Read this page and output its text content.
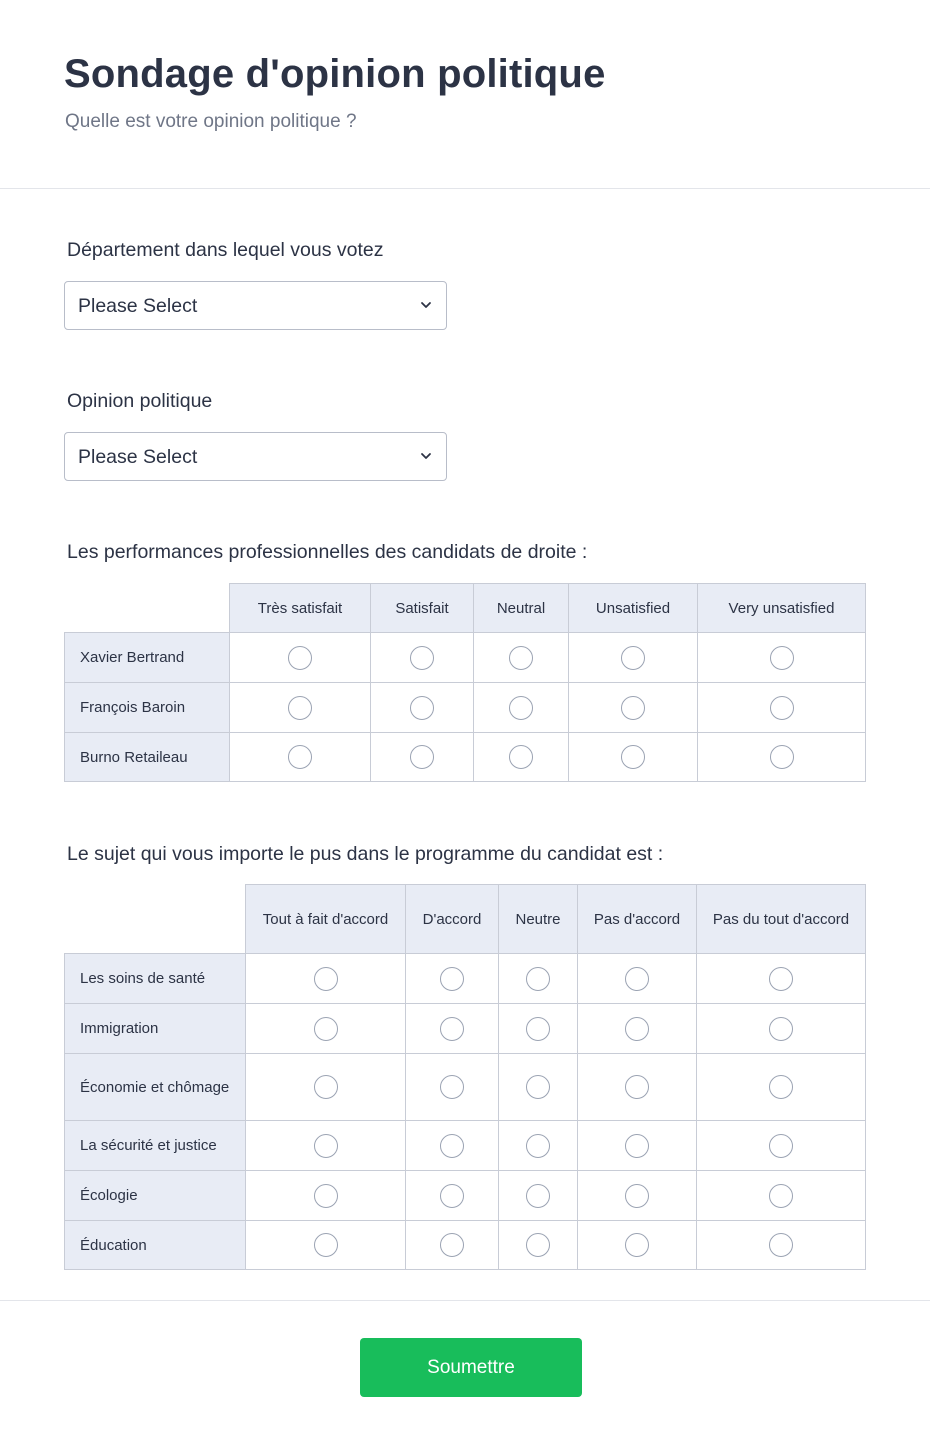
Sondage d'opinion politique
Quelle est votre opinion politique ?
Département dans lequel vous votez
Please Select
Opinion politique
Please Select
Les performances professionnelles des candidats de droite :
	Très satisfait	Satisfait	Neutral	Unsatisfied	Very unsatisfied
Xavier Bertrand					
François Baroin					
Burno Retaileau					
Le sujet qui vous importe le pus dans le programme du candidat est :
	Tout à fait d'accord	D'accord	Neutre	Pas d'accord	Pas du tout d'accord
Les soins de santé					
Immigration					
Économie et chômage					
La sécurité et justice					
Écologie					
Éducation					
Soumettre
